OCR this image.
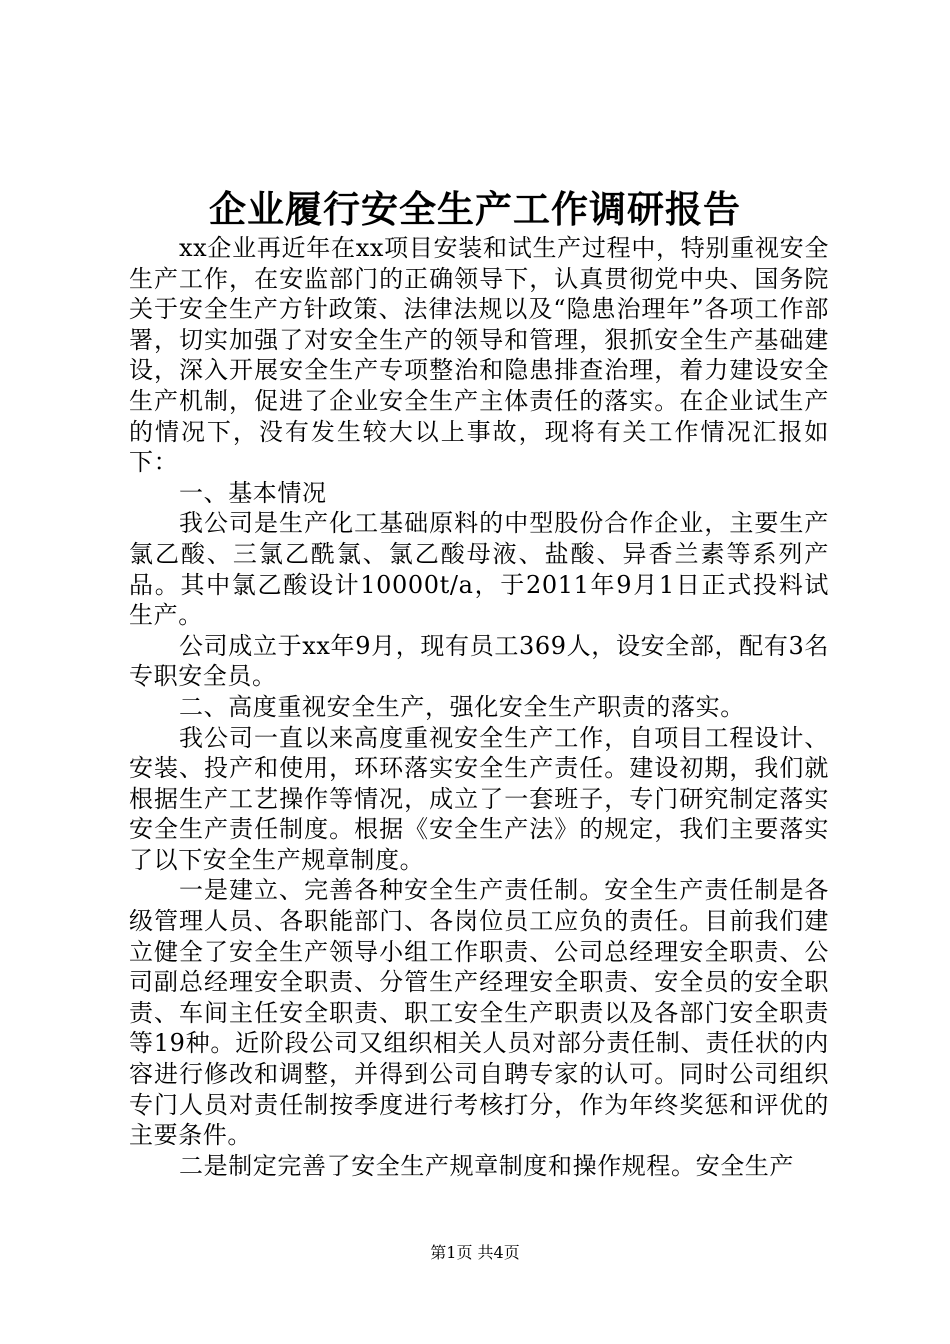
企业履行安全生产工作调研报告

xx企业再近年在xx项目安装和试生产过程中，特别重视安全生产工作，在安监部门的正确领导下，认真贯彻党中央、国务院关于安全生产方针政策、法律法规以及“隐患治理年”各项工作部署，切实加强了对安全生产的领导和管理，狠抓安全生产基础建设，深入开展安全生产专项整治和隐患排查治理，着力建设安全生产机制，促进了企业安全生产主体责任的落实。在企业试生产的情况下，没有发生较大以上事故，现将有关工作情况汇报如下：

一、基本情况

我公司是生产化工基础原料的中型股份合作企业，主要生产氯乙酸、三氯乙酰氯、氯乙酸母液、盐酸、异香兰素等系列产品。其中氯乙酸设计10000t/a，于2011年9月1日正式投料试生产。

公司成立于xx年9月，现有员工369人，设安全部，配有3名专职安全员。

二、高度重视安全生产，强化安全生产职责的落实。

我公司一直以来高度重视安全生产工作，自项目工程设计、安装、投产和使用，环环落实安全生产责任。建设初期，我们就根据生产工艺操作等情况，成立了一套班子，专门研究制定落实安全生产责任制度。根据《安全生产法》的规定，我们主要落实了以下安全生产规章制度。

一是建立、完善各种安全生产责任制。安全生产责任制是各级管理人员、各职能部门、各岗位员工应负的责任。目前我们建立健全了安全生产领导小组工作职责、公司总经理安全职责、公司副总经理安全职责、分管生产经理安全职责、安全员的安全职责、车间主任安全职责、职工安全生产职责以及各部门安全职责等19种。近阶段公司又组织相关人员对部分责任制、责任状的内容进行修改和调整，并得到公司自聘专家的认可。同时公司组织专门人员对责任制按季度进行考核打分，作为年终奖惩和评优的主要条件。

二是制定完善了安全生产规章制度和操作规程。安全生产

第1页 共4页
